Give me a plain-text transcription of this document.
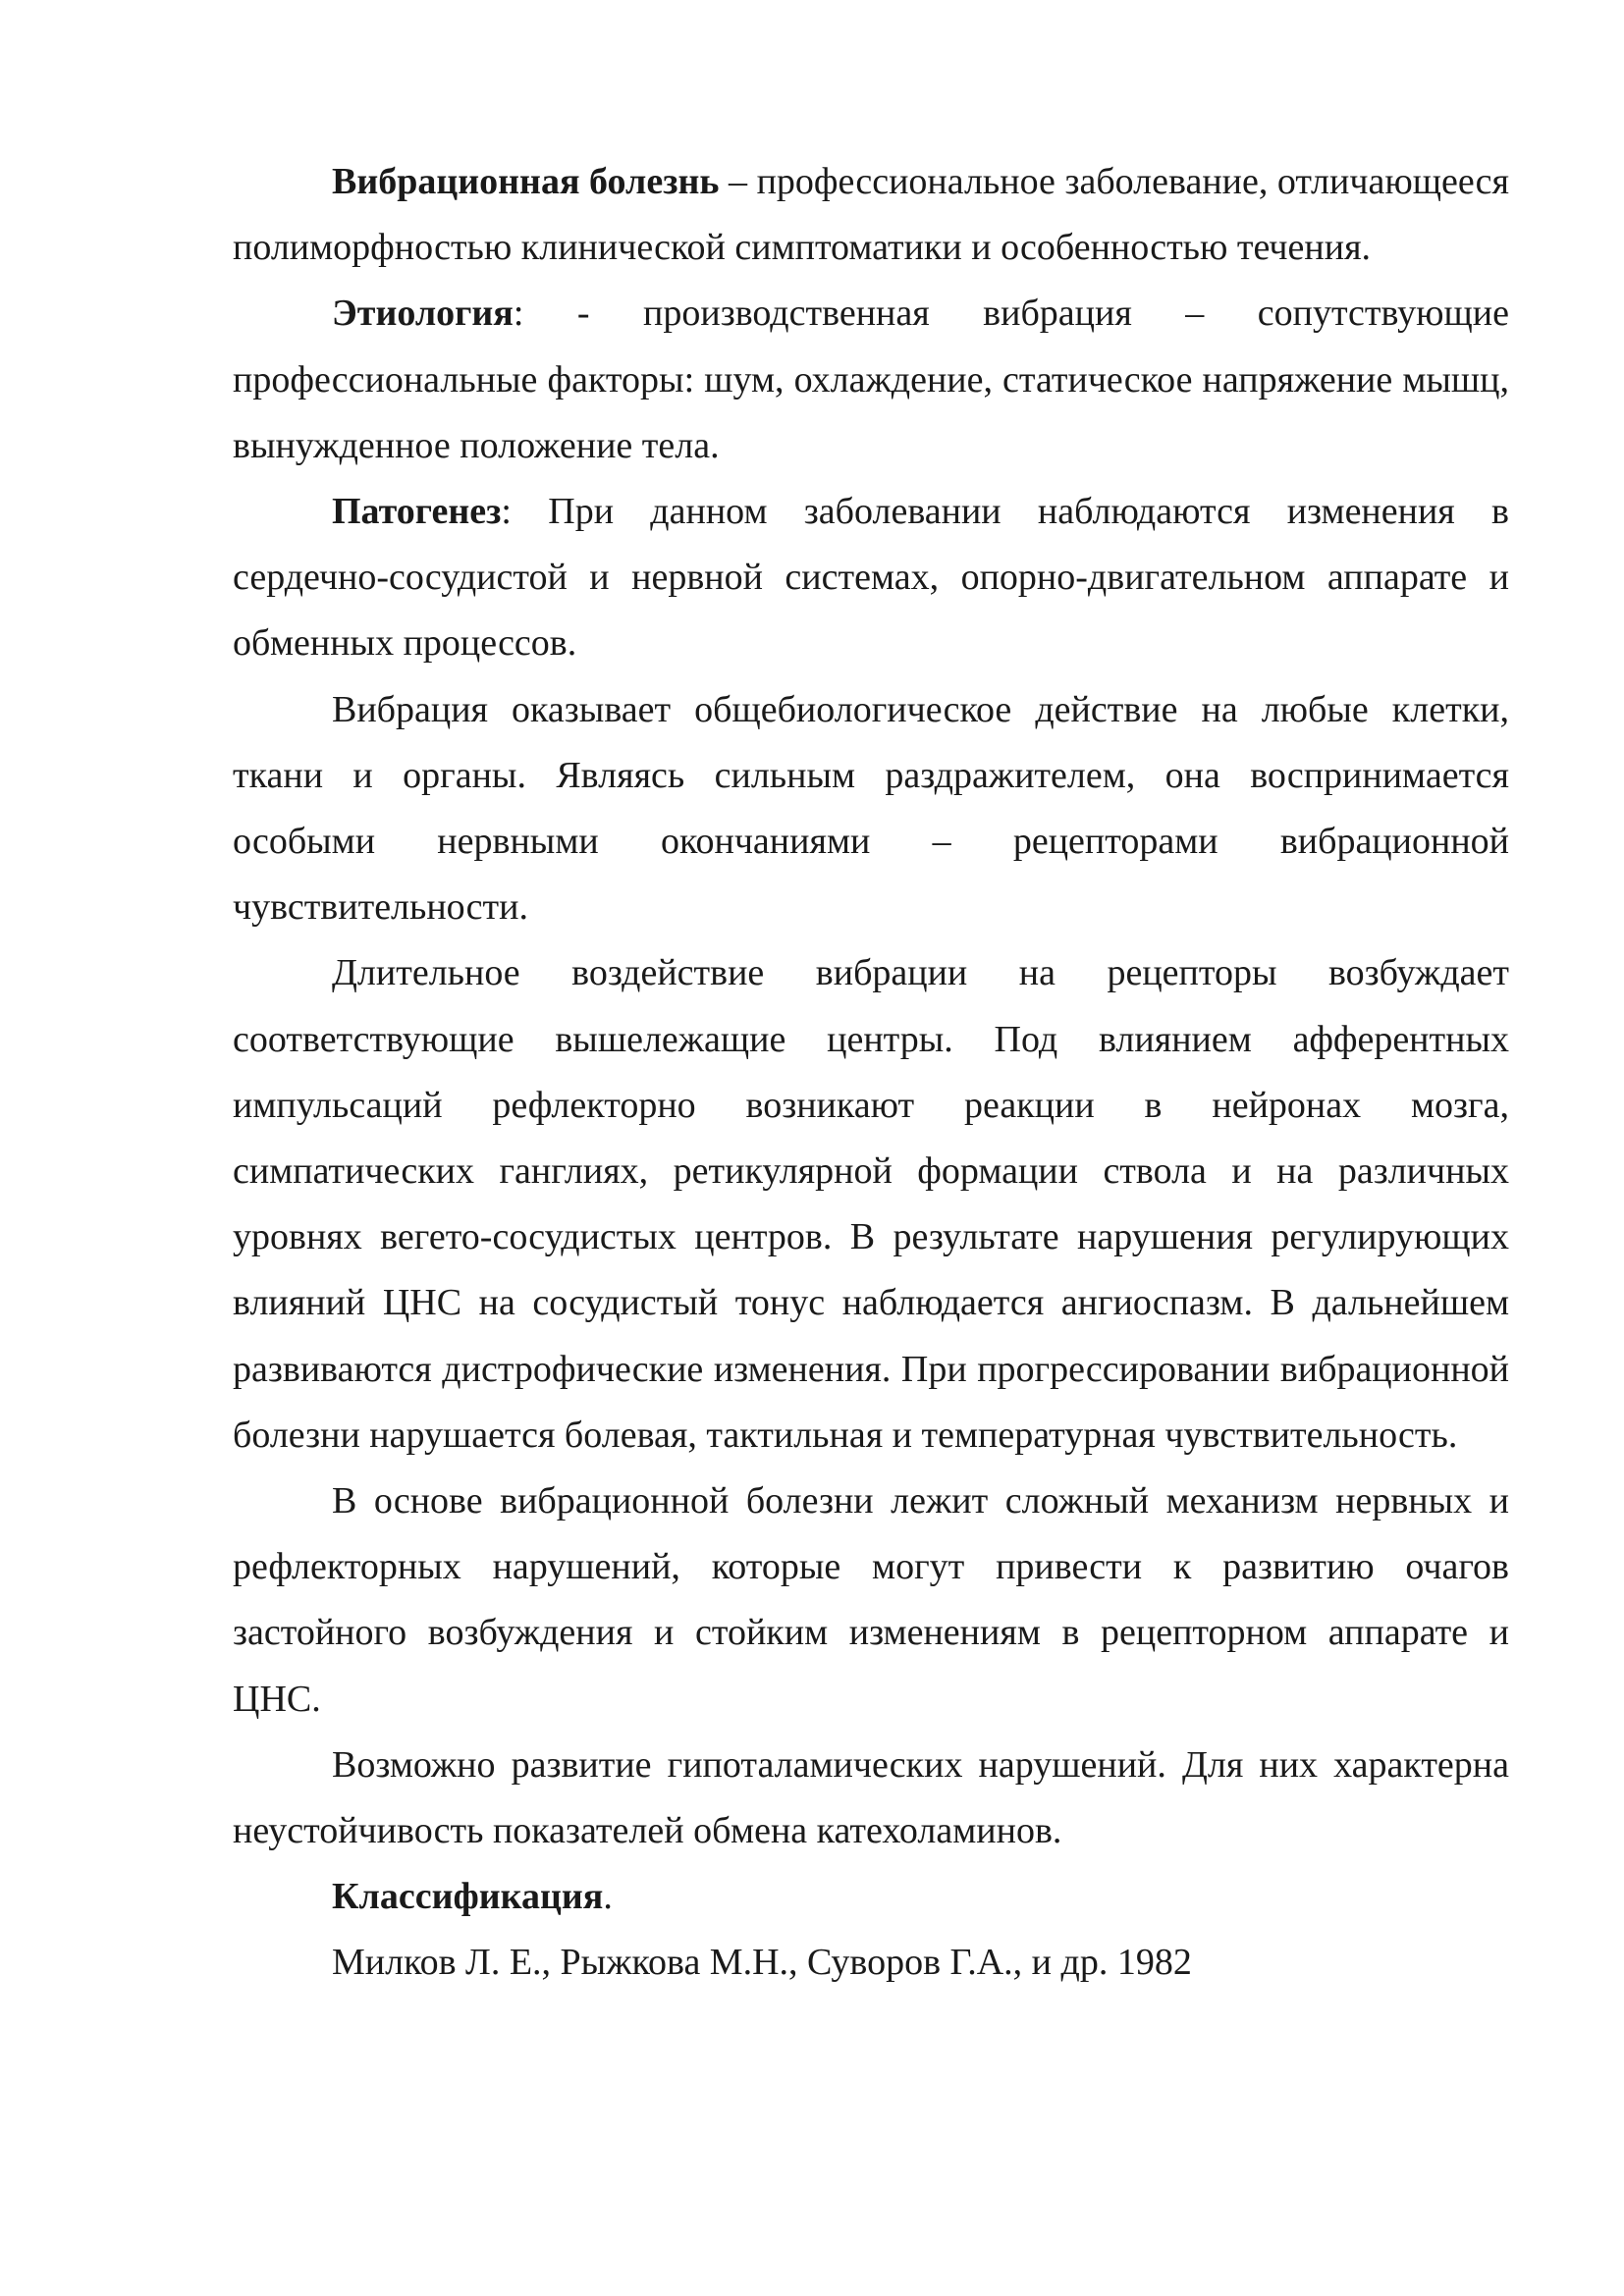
Вибрационная болезнь – профессиональное заболевание, отличающееся полиморфностью клинической симптоматики и особенностью течения.

Этиология: - производственная вибрация – сопутствующие профессиональные факторы: шум, охлаждение, статическое напряжение мышц, вынужденное положение тела.

Патогенез: При данном заболевании наблюдаются изменения в сердечно-сосудистой и нервной системах, опорно-двигательном аппарате и обменных процессов.

Вибрация оказывает общебиологическое действие на любые клетки, ткани и органы. Являясь сильным раздражителем, она воспринимается особыми нервными окончаниями – рецепторами вибрационной чувствительности.

Длительное воздействие вибрации на рецепторы возбуждает соответствующие вышележащие центры. Под влиянием афферентных импульсаций рефлекторно возникают реакции в нейронах мозга, симпатических ганглиях, ретикулярной формации ствола и на различных уровнях вегето-сосудистых центров. В результате нарушения регулирующих влияний ЦНС на сосудистый тонус наблюдается ангиоспазм. В дальнейшем развиваются дистрофические изменения. При прогрессировании вибрационной болезни нарушается болевая, тактильная и температурная чувствительность.

В основе вибрационной болезни лежит сложный механизм нервных и рефлекторных нарушений, которые могут привести к развитию очагов застойного возбуждения и стойким изменениям в рецепторном аппарате и ЦНС.

Возможно развитие гипоталамических нарушений. Для них характерна неустойчивость показателей обмена катехоламинов.

Классификация.

Милков Л. Е., Рыжкова М.Н., Суворов Г.А., и др. 1982
